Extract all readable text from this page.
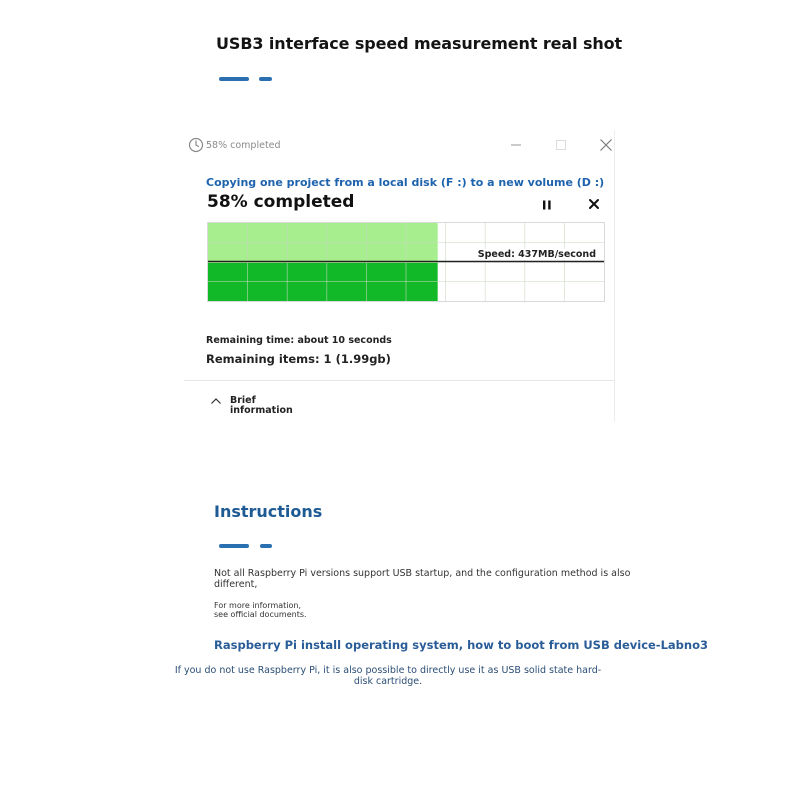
USB3 interface speed measurement real shot
58% completed
Copying one project from a local disk (F :) to a new volume (D :)
58% completed
Speed: 437MB/second
Remaining time: about 10 seconds
Remaining items: 1 (1.99gb)
Brief
information
Instructions
Not all Raspberry Pi versions support USB startup, and the configuration method is also different,
For more information,
see official documents.
Raspberry Pi install operating system, how to boot from USB device-Labno3
If you do not use Raspberry Pi, it is also possible to directly use it as USB solid state hard-disk cartridge.
